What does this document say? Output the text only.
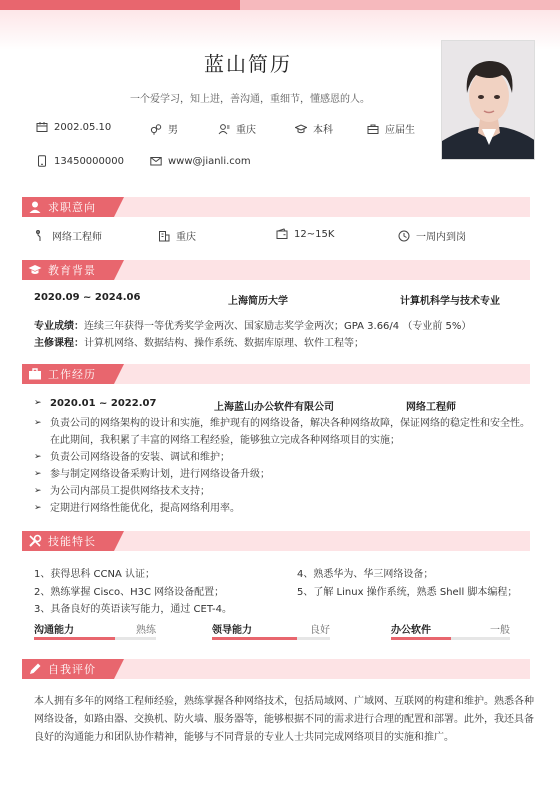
蓝山简历
一个爱学习，知上进，善沟通，重细节，懂感恩的人。
2002.05.10	男	重庆	本科	应届生
13450000000	www@jianli.com
求职意向
网络工程师	重庆	12~15K	一周内到岗
教育背景
2020.09 ~ 2024.06	上海简历大学	计算机科学与技术专业
专业成绩：连续三年获得一等优秀奖学金两次、国家励志奖学金两次；GPA 3.66/4 （专业前 5%）
主修课程：计算机网络、数据结构、操作系统、数据库原理、软件工程等；
工作经历
➢ 2020.01 ~ 2022.07	上海蓝山办公软件有限公司	网络工程师
➢ 负责公司的网络架构的设计和实施，维护现有的网络设备，解决各种网络故障，保证网络的稳定性和安全性。
在此期间，我积累了丰富的网络工程经验，能够独立完成各种网络项目的实施；
➢ 负责公司网络设备的安装、调试和维护；
➢ 参与制定网络设备采购计划，进行网络设备升级；
➢ 为公司内部员工提供网络技术支持；
➢ 定期进行网络性能优化，提高网络利用率。
技能特长
1、获得思科 CCNA 认证；
2、熟练掌握 Cisco、H3C 网络设备配置；
3、具备良好的英语读写能力，通过 CET-4。
4、熟悉华为、华三网络设备；
5、了解 Linux 操作系统，熟悉 Shell 脚本编程；
沟通能力	熟练	领导能力	良好	办公软件	一般
自我评价
本人拥有多年的网络工程师经验，熟练掌握各种网络技术，包括局域网、广域网、互联网的构建和维护。熟悉各种网络设备，如路由器、交换机、防火墙、服务器等，能够根据不同的需求进行合理的配置和部署。此外，我还具备良好的沟通能力和团队协作精神，能够与不同背景的专业人士共同完成网络项目的实施和推广。
